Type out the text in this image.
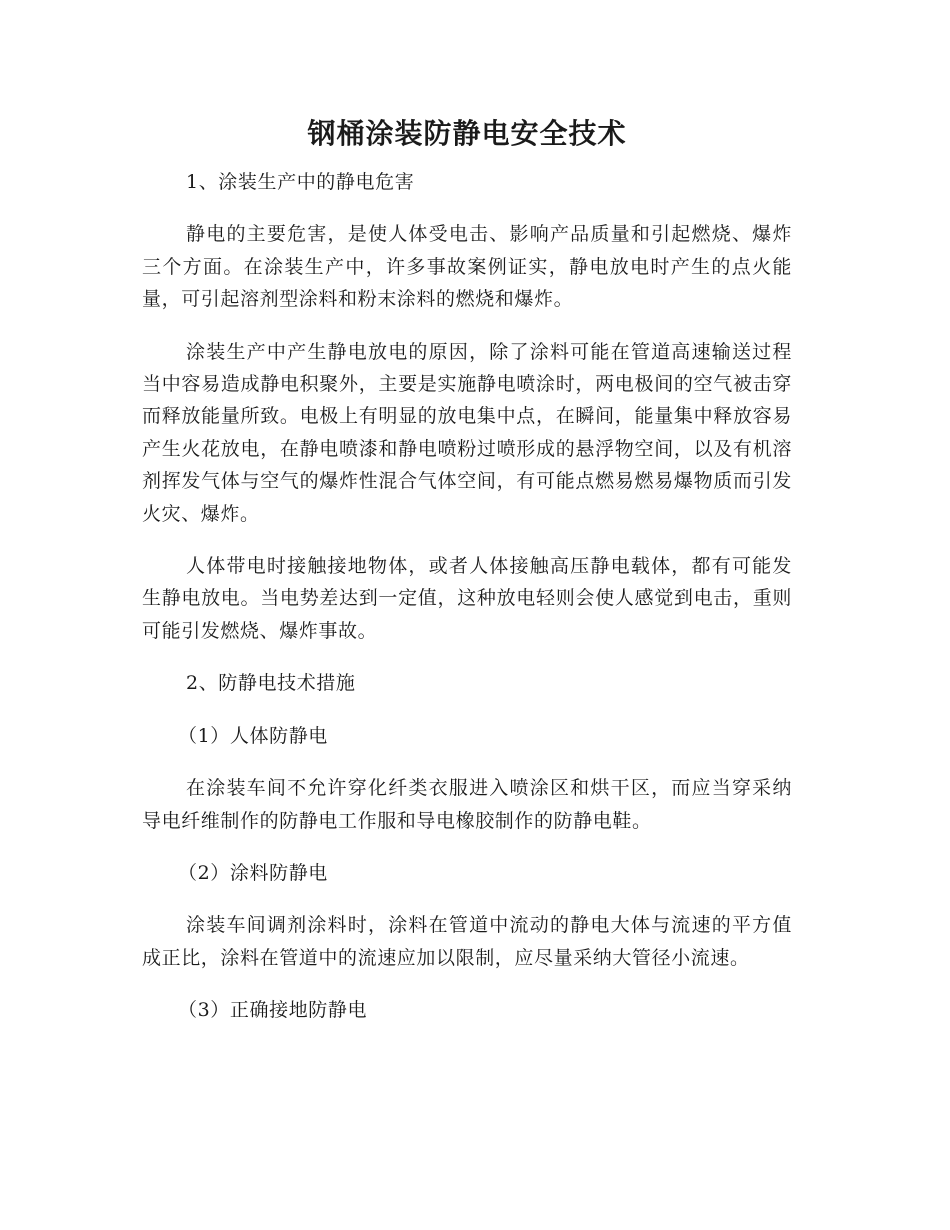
钢桶涂装防静电安全技术

1、涂装生产中的静电危害

静电的主要危害，是使人体受电击、影响产品质量和引起燃烧、爆炸三个方面。在涂装生产中，许多事故案例证实，静电放电时产生的点火能量，可引起溶剂型涂料和粉末涂料的燃烧和爆炸。

涂装生产中产生静电放电的原因，除了涂料可能在管道高速输送过程当中容易造成静电积聚外，主要是实施静电喷涂时，两电极间的空气被击穿而释放能量所致。电极上有明显的放电集中点，在瞬间，能量集中释放容易产生火花放电，在静电喷漆和静电喷粉过喷形成的悬浮物空间，以及有机溶剂挥发气体与空气的爆炸性混合气体空间，有可能点燃易燃易爆物质而引发火灾、爆炸。

人体带电时接触接地物体，或者人体接触高压静电载体，都有可能发生静电放电。当电势差达到一定值，这种放电轻则会使人感觉到电击，重则可能引发燃烧、爆炸事故。

2、防静电技术措施

（1）人体防静电

在涂装车间不允许穿化纤类衣服进入喷涂区和烘干区，而应当穿采纳导电纤维制作的防静电工作服和导电橡胶制作的防静电鞋。

（2）涂料防静电

涂装车间调剂涂料时，涂料在管道中流动的静电大体与流速的平方值成正比，涂料在管道中的流速应加以限制，应尽量采纳大管径小流速。

（3）正确接地防静电
